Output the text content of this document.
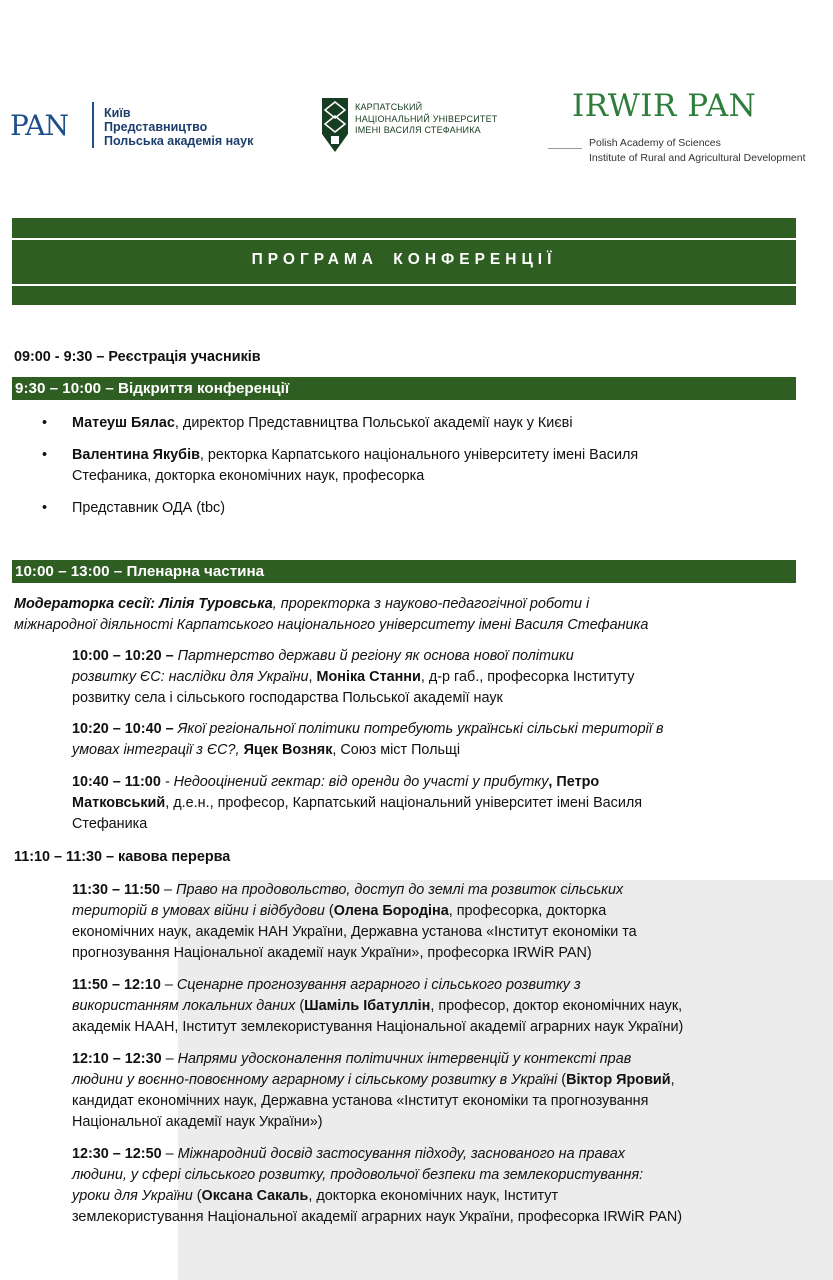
PAN	Київ
Представництво
Польська академія наук
КАРПАТСЬКИЙ
НАЦІОНАЛЬНИЙ УНІВЕРСИТЕТ
ІМЕНІ ВАСИЛЯ СТЕФАНИКА
IRWIR PAN
Polish Academy of Sciences
Institute of Rural and Agricultural Development
ПРОГРАМА КОНФЕРЕНЦІЇ
09:00 - 9:30 – Реєстрація учасників
9:30 – 10:00 – Відкриття конференції
• Матеуш Бялас, директор Представництва Польської академії наук у Києві
• Валентина Якубів, ректорка Карпатського національного університету імені Василя
Стефаника, докторка економічних наук, професорка
• Представник ОДА (tbc)
10:00 – 13:00 – Пленарна частина
Модераторка сесії: Лілія Туровська, проректорка з науково-педагогічної роботи і
міжнародної діяльності Карпатського національного університету імені Василя Стефаника
10:00 – 10:20 – Партнерство держави й регіону як основа нової політики
розвитку ЄС: наслідки для України, Моніка Станни, д-р габ., професорка Інституту
розвитку села і сільського господарства Польської академії наук
10:20 – 10:40 – Якої регіональної політики потребують українські сільські території в
умовах інтеграції з ЄС?, Яцек Возняк, Союз міст Польщі
10:40 – 11:00 - Недооцінений гектар: від оренди до участі у прибутку, Петро
Матковський, д.е.н., професор, Карпатський національний університет імені Василя
Стефаника
11:10 – 11:30 – кавова перерва
11:30 – 11:50 – Право на продовольство, доступ до землі та розвиток сільських
територій в умовах війни і відбудови (Олена Бородіна, професорка, докторка
економічних наук, академік НАН України, Державна установа «Інститут економіки та
прогнозування Національної академії наук України», професорка IRWiR PAN)
11:50 – 12:10 – Сценарне прогнозування аграрного і сільського розвитку з
використанням локальних даних (Шаміль Ібатуллін, професор, доктор економічних наук,
академік НААН, Інститут землекористування Національної академії аграрних наук України)
12:10 – 12:30 – Напрями удосконалення політичних інтервенцій у контексті прав
людини у воєнно-повоєнному аграрному і сільському розвитку в Україні (Віктор Яровий,
кандидат економічних наук, Державна установа «Інститут економіки та прогнозування
Національної академії наук України»)
12:30 – 12:50 – Міжнародний досвід застосування підходу, заснованого на правах
людини, у сфері сільського розвитку, продовольчої безпеки та землекористування:
уроки для України (Оксана Сакаль, докторка економічних наук, Інститут
землекористування Національної академії аграрних наук України, професорка IRWiR PAN)
